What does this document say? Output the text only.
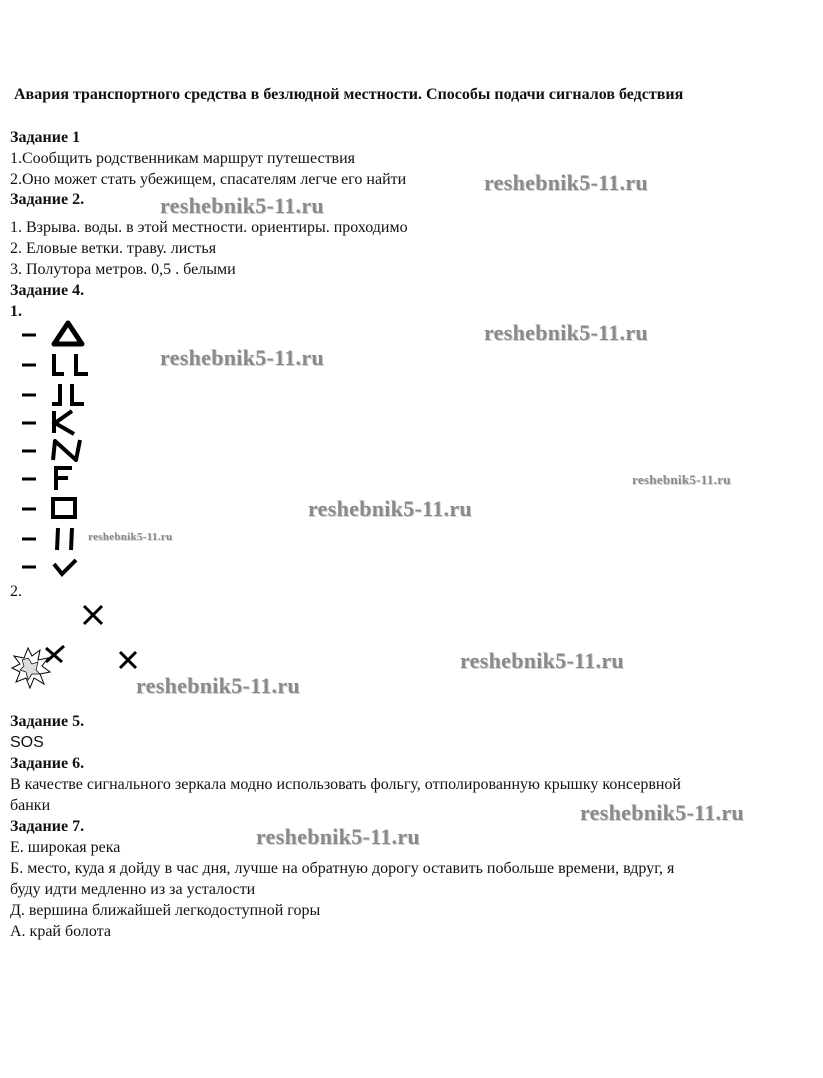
Авария транспортного средства в безлюдной местности. Способы подачи сигналов бедствия
Задание 1
1.Сообщить родственникам маршрут путешествия
2.Оно может стать убежищем, спасателям легче его найти
Задание 2.
1. Взрыва. воды. в этой местности. ориентиры. проходимо
2. Еловые ветки. траву. листья
3. Полутора метров. 0,5 . белыми
Задание 4.
1.
2.
Задание 5.
SOS
Задание 6.
В качестве сигнального зеркала модно использовать фольгу, отполированную крышку консервной
банки
Задание 7.
Е. широкая река
Б. место, куда я дойду в час дня, лучше на обратную дорогу оставить побольше времени, вдруг, я
буду идти медленно из за усталости
Д. вершина ближайшей легкодоступной горы
А. край болота
reshebnik5-11.ru
reshebnik5-11.ru
reshebnik5-11.ru
reshebnik5-11.ru
reshebnik5-11.ru
reshebnik5-11.ru
reshebnik5-11.ru
reshebnik5-11.ru
reshebnik5-11.ru
reshebnik5-11.ru
reshebnik5-11.ru
